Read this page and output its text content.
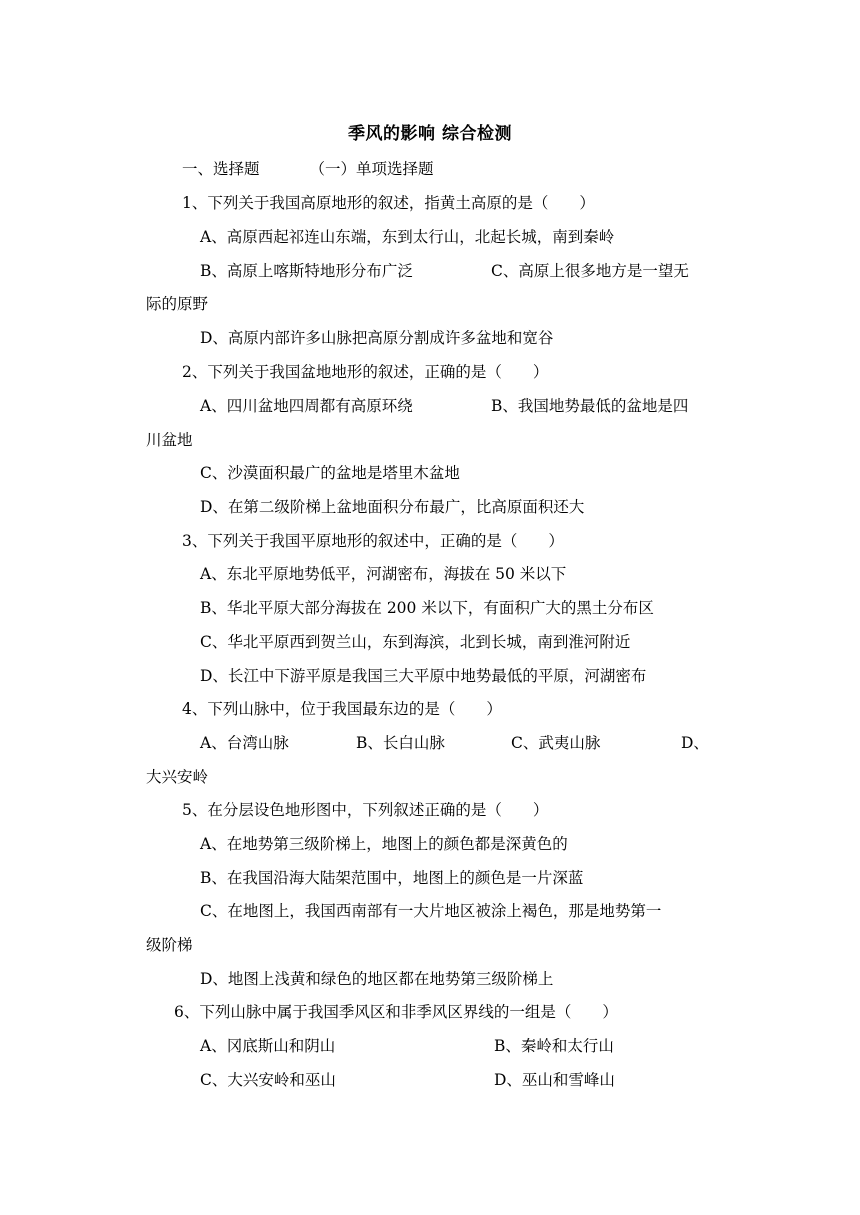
季风的影响 综合检测
一、选择题	（一）单项选择题
1、下列关于我国高原地形的叙述，指黄土高原的是（　　）
A、高原西起祁连山东端，东到太行山，北起长城，南到秦岭
B、高原上喀斯特地形分布广泛	C、高原上很多地方是一望无
际的原野
D、高原内部许多山脉把高原分割成许多盆地和宽谷
2、下列关于我国盆地地形的叙述，正确的是（　　）
A、四川盆地四周都有高原环绕	B、我国地势最低的盆地是四
川盆地
C、沙漠面积最广的盆地是塔里木盆地
D、在第二级阶梯上盆地面积分布最广，比高原面积还大
3、下列关于我国平原地形的叙述中，正确的是（　　）
A、东北平原地势低平，河湖密布，海拔在 50 米以下
B、华北平原大部分海拔在 200 米以下，有面积广大的黑土分布区
C、华北平原西到贺兰山，东到海滨，北到长城，南到淮河附近
D、长江中下游平原是我国三大平原中地势最低的平原，河湖密布
4、下列山脉中，位于我国最东边的是（　　）
A、台湾山脉	B、长白山脉	C、武夷山脉	D、
大兴安岭
5、在分层设色地形图中，下列叙述正确的是（　　）
A、在地势第三级阶梯上，地图上的颜色都是深黄色的
B、在我国沿海大陆架范围中，地图上的颜色是一片深蓝
C、在地图上，我国西南部有一大片地区被涂上褐色，那是地势第一
级阶梯
D、地图上浅黄和绿色的地区都在地势第三级阶梯上
6、下列山脉中属于我国季风区和非季风区界线的一组是（　　）
A、冈底斯山和阴山	B、秦岭和太行山
C、大兴安岭和巫山	D、巫山和雪峰山
